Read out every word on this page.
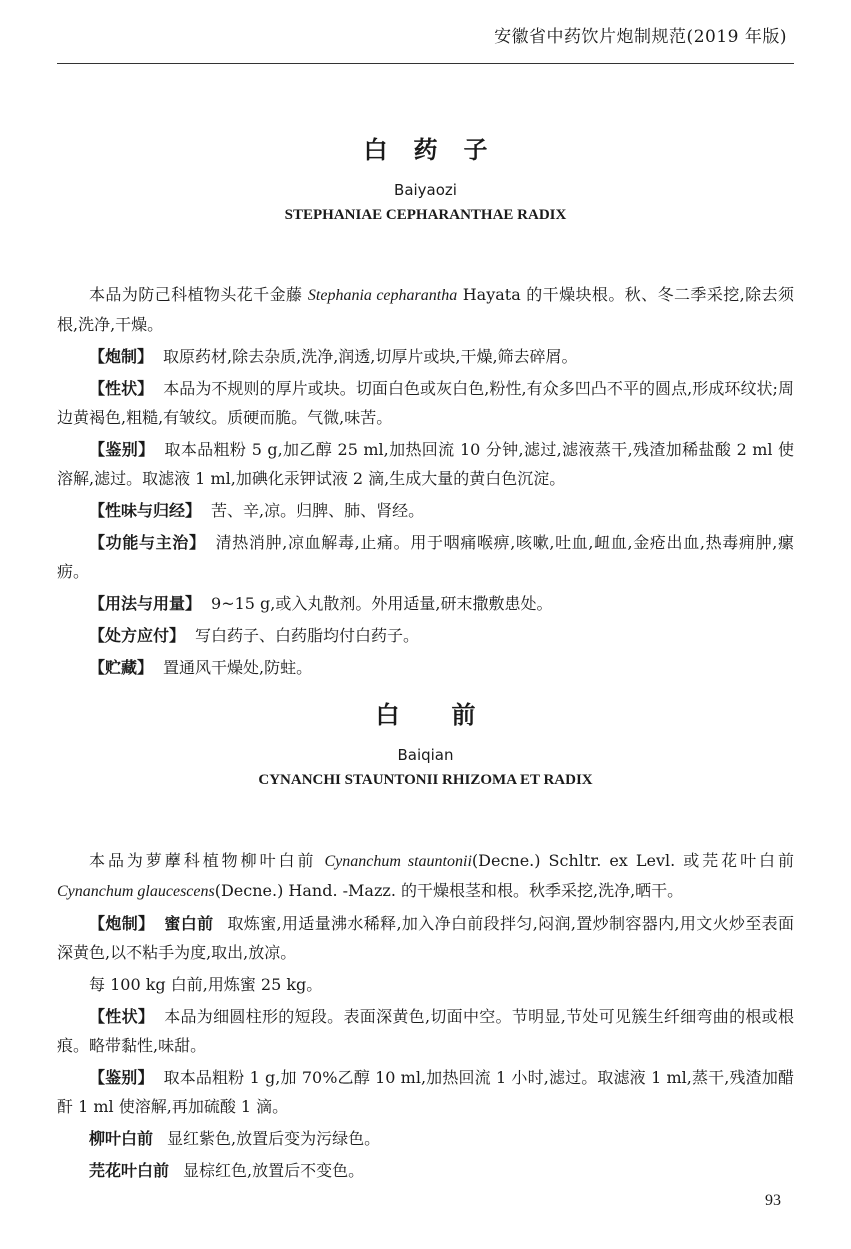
安徽省中药饮片炮制规范(2019 年版)
白药子
Baiyaozi
STEPHANIAE CEPHARANTHAE RADIX

本品为防己科植物头花千金藤 Stephania cepharantha Hayata 的干燥块根。秋、冬二季采挖,除去须根,洗净,干燥。

【炮制】 取原药材,除去杂质,洗净,润透,切厚片或块,干燥,筛去碎屑。

【性状】 本品为不规则的厚片或块。切面白色或灰白色,粉性,有众多凹凸不平的圆点,形成环纹状;周边黄褐色,粗糙,有皱纹。质硬而脆。气微,味苦。

【鉴别】 取本品粗粉 5 g,加乙醇 25 ml,加热回流 10 分钟,滤过,滤液蒸干,残渣加稀盐酸 2 ml 使溶解,滤过。取滤液 1 ml,加碘化汞钾试液 2 滴,生成大量的黄白色沉淀。

【性味与归经】 苦、辛,凉。归脾、肺、肾经。

【功能与主治】 清热消肿,凉血解毒,止痛。用于咽痛喉痹,咳嗽,吐血,衄血,金疮出血,热毒痈肿,瘰疬。

【用法与用量】 9~15 g,或入丸散剂。外用适量,研末撒敷患处。

【处方应付】 写白药子、白药脂均付白药子。

【贮藏】 置通风干燥处,防蛀。

白前
Baiqian
CYNANCHI STAUNTONII RHIZOMA ET RADIX

本品为萝藦科植物柳叶白前 Cynanchum stauntonii(Decne.) Schltr. ex Levl. 或芫花叶白前 Cynanchum glaucescens(Decne.) Hand. -Mazz. 的干燥根茎和根。秋季采挖,洗净,晒干。

【炮制】 蜜白前 取炼蜜,用适量沸水稀释,加入净白前段拌匀,闷润,置炒制容器内,用文火炒至表面深黄色,以不粘手为度,取出,放凉。

每 100 kg 白前,用炼蜜 25 kg。

【性状】 本品为细圆柱形的短段。表面深黄色,切面中空。节明显,节处可见簇生纤细弯曲的根或根痕。略带黏性,味甜。

【鉴别】 取本品粗粉 1 g,加 70%乙醇 10 ml,加热回流 1 小时,滤过。取滤液 1 ml,蒸干,残渣加醋酐 1 ml 使溶解,再加硫酸 1 滴。

柳叶白前 显红紫色,放置后变为污绿色。

芫花叶白前 显棕红色,放置后不变色。

93
